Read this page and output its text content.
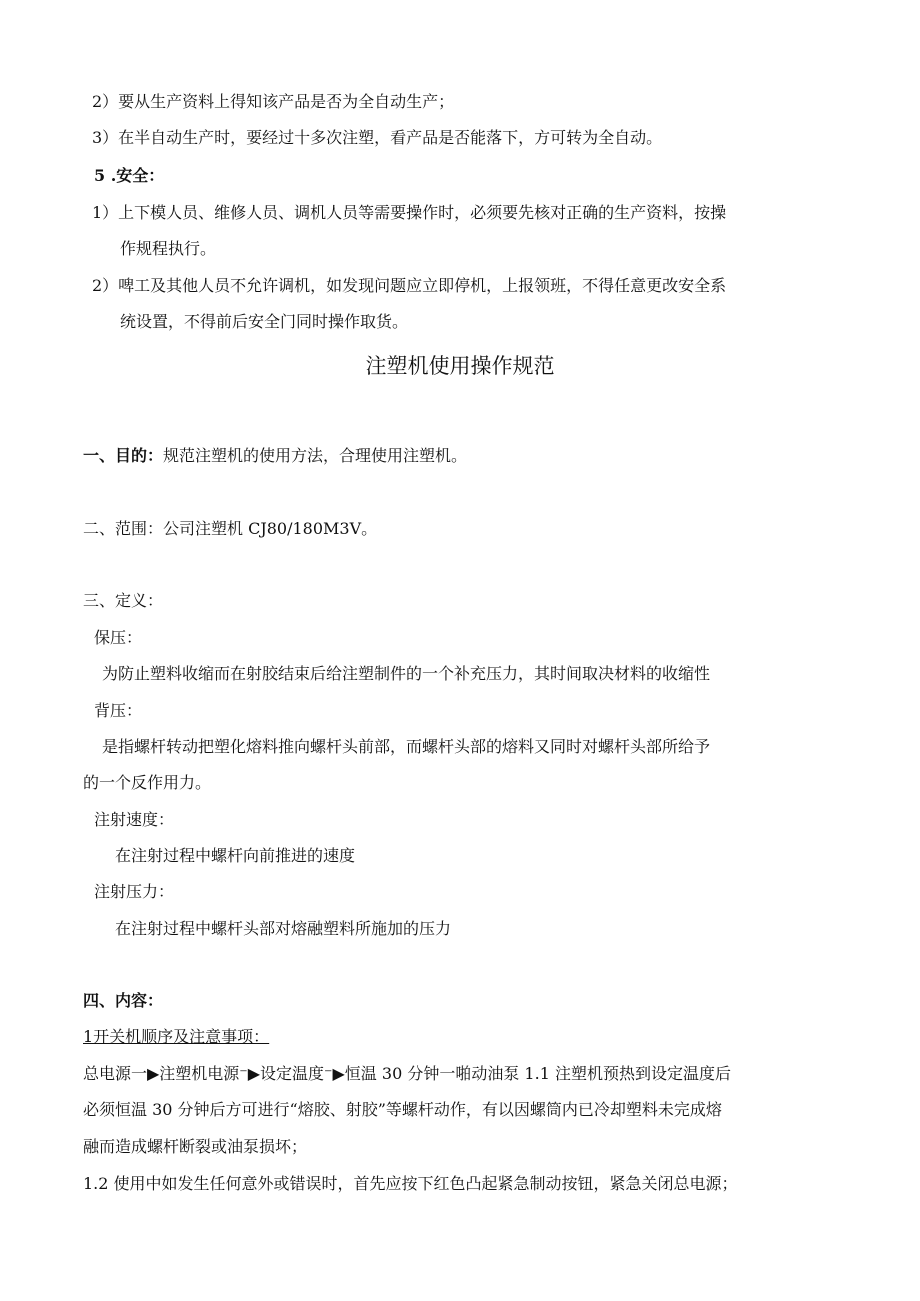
2）要从生产资料上得知该产品是否为全自动生产；
3）在半自动生产时，要经过十多次注塑，看产品是否能落下，方可转为全自动。
5 .安全：
1）上下模人员、维修人员、调机人员等需要操作时，必须要先核对正确的生产资料，按操
作规程执行。
2）啤工及其他人员不允许调机，如发现问题应立即停机，上报领班，不得任意更改安全系
统设置，不得前后安全门同时操作取货。
注塑机使用操作规范
一、目的：规范注塑机的使用方法，合理使用注塑机。
二、范围：公司注塑机 CJ80/180M3V。
三、定义：
保压：
为防止塑料收缩而在射胶结束后给注塑制件的一个补充压力，其时间取决材料的收缩性
背压：
是指螺杆转动把塑化熔料推向螺杆头前部，而螺杆头部的熔料又同时对螺杆头部所给予
的一个反作用力。
注射速度：
在注射过程中螺杆向前推进的速度
注射压力：
在注射过程中螺杆头部对熔融塑料所施加的压力
四、内容：
1开关机顺序及注意事项：
总电源一▶注塑机电源⁻▶设定温度⁻▶恒温 30 分钟一啪动油泵 1.1 注塑机预热到设定温度后
必须恒温 30 分钟后方可进行“熔胶、射胶”等螺杆动作，有以因螺筒内已冷却塑料未完成熔
融而造成螺杆断裂或油泵损坏；
1.2 使用中如发生任何意外或错误时，首先应按下红色凸起紧急制动按钮，紧急关闭总电源；
